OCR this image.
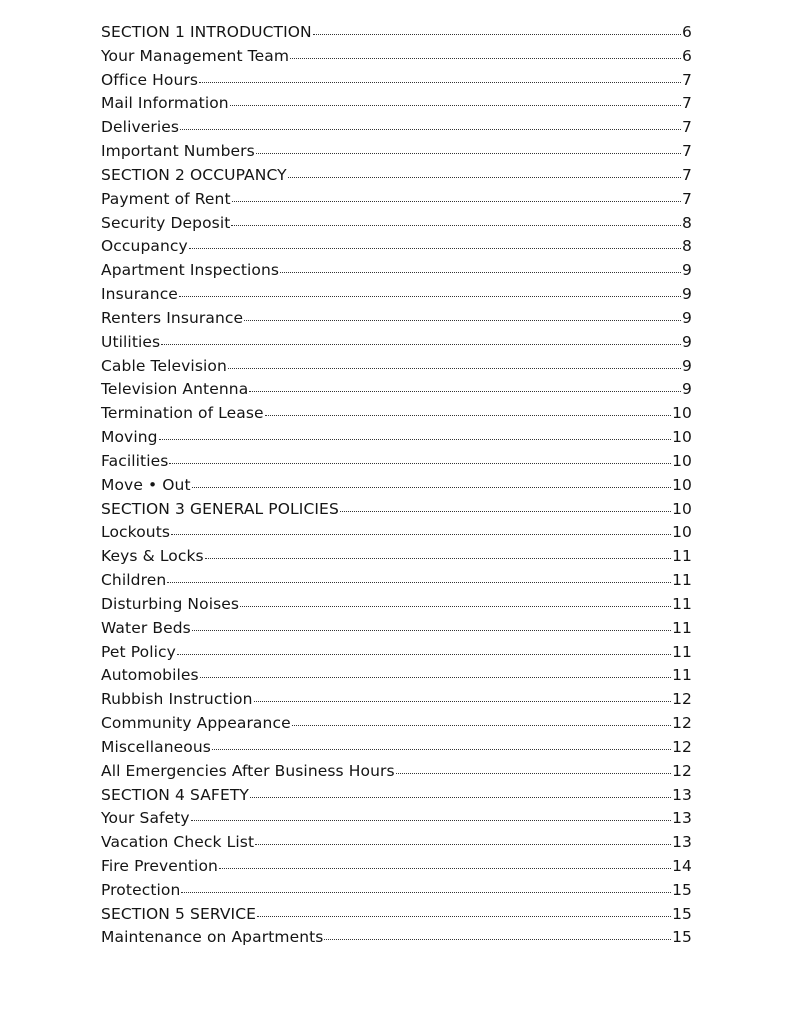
SECTION 1 INTRODUCTION	6
Your Management Team	6
Office Hours	7
Mail Information	7
Deliveries	7
Important Numbers	7
SECTION 2 OCCUPANCY	7
Payment of Rent	7
Security Deposit	8
Occupancy	8
Apartment Inspections	9
Insurance	9
Renters Insurance	9
Utilities	9
Cable Television	9
Television Antenna	9
Termination of Lease	10
Moving	10
Facilities	10
Move • Out	10
SECTION 3 GENERAL POLICIES	10
Lockouts	10
Keys & Locks	11
Children	11
Disturbing Noises	11
Water Beds	11
Pet Policy	11
Automobiles	11
Rubbish Instruction	12
Community Appearance	12
Miscellaneous	12
All Emergencies After Business Hours	12
SECTION 4 SAFETY	13
Your Safety	13
Vacation Check List	13
Fire Prevention	14
Protection	15
SECTION 5 SERVICE	15
Maintenance on Apartments	15
